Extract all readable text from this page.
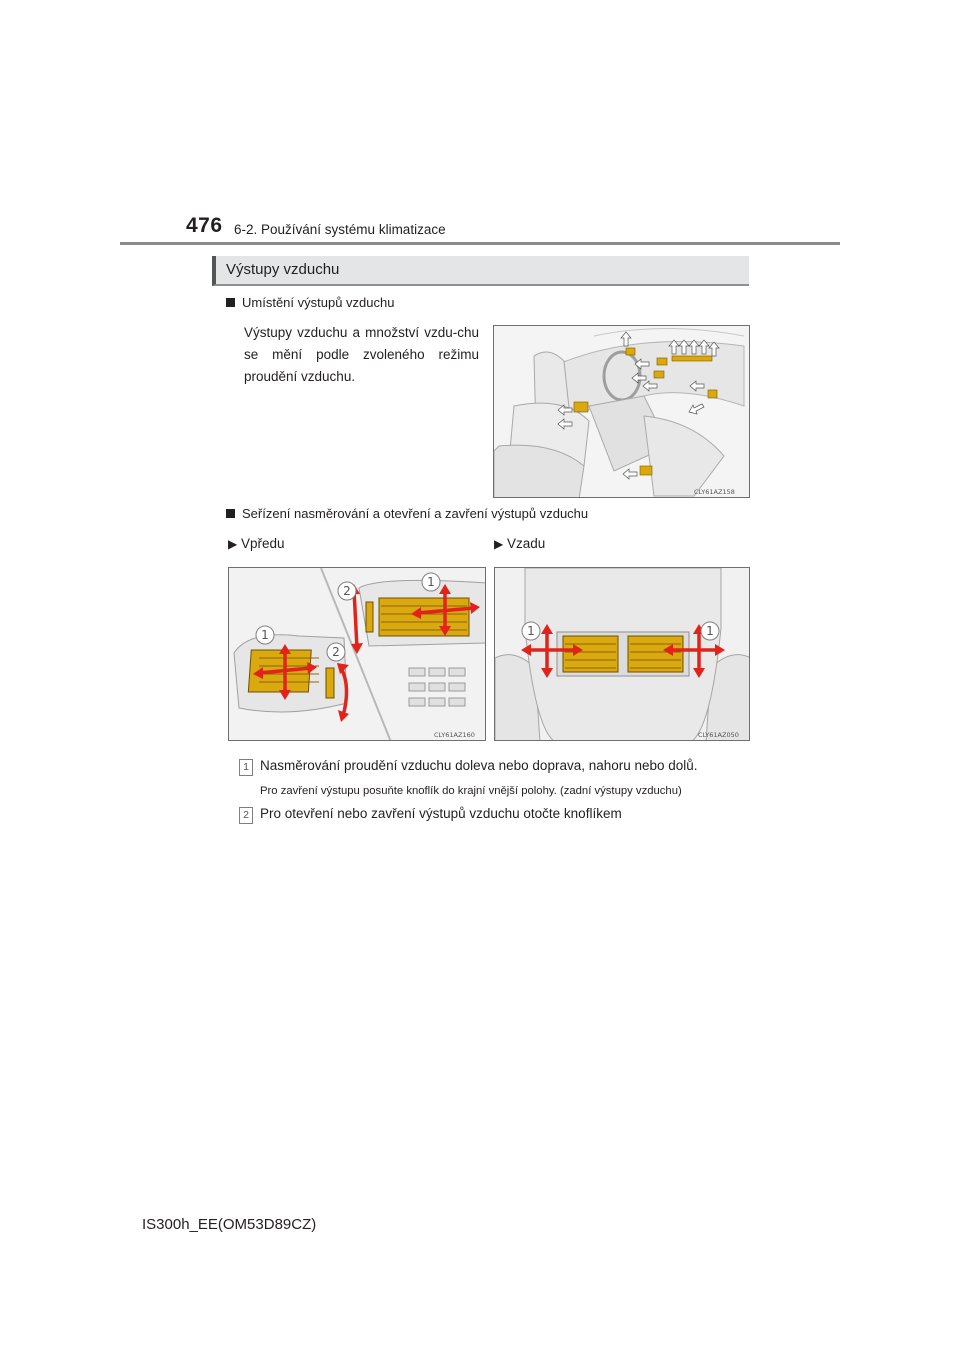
476 6-2. Používání systému klimatizace
Výstupy vzduchu
Umístění výstupů vzduchu
Výstupy vzduchu a množství vzdu-chu se mění podle zvoleného režimu proudění vzduchu.
CLY61AZ158
Seřízení nasměrování a otevření a zavření výstupů vzduchu
▶ Vpředu	▶ Vzadu
1
2
2
1
CLY61AZ160
1	1
CLY61AZ050
1 Nasměrování proudění vzduchu doleva nebo doprava, nahoru nebo dolů.
Pro zavření výstupu posuňte knoflík do krajní vnější polohy. (zadní výstupy vzduchu)
2 Pro otevření nebo zavření výstupů vzduchu otočte knoflíkem
IS300h_EE(OM53D89CZ)
